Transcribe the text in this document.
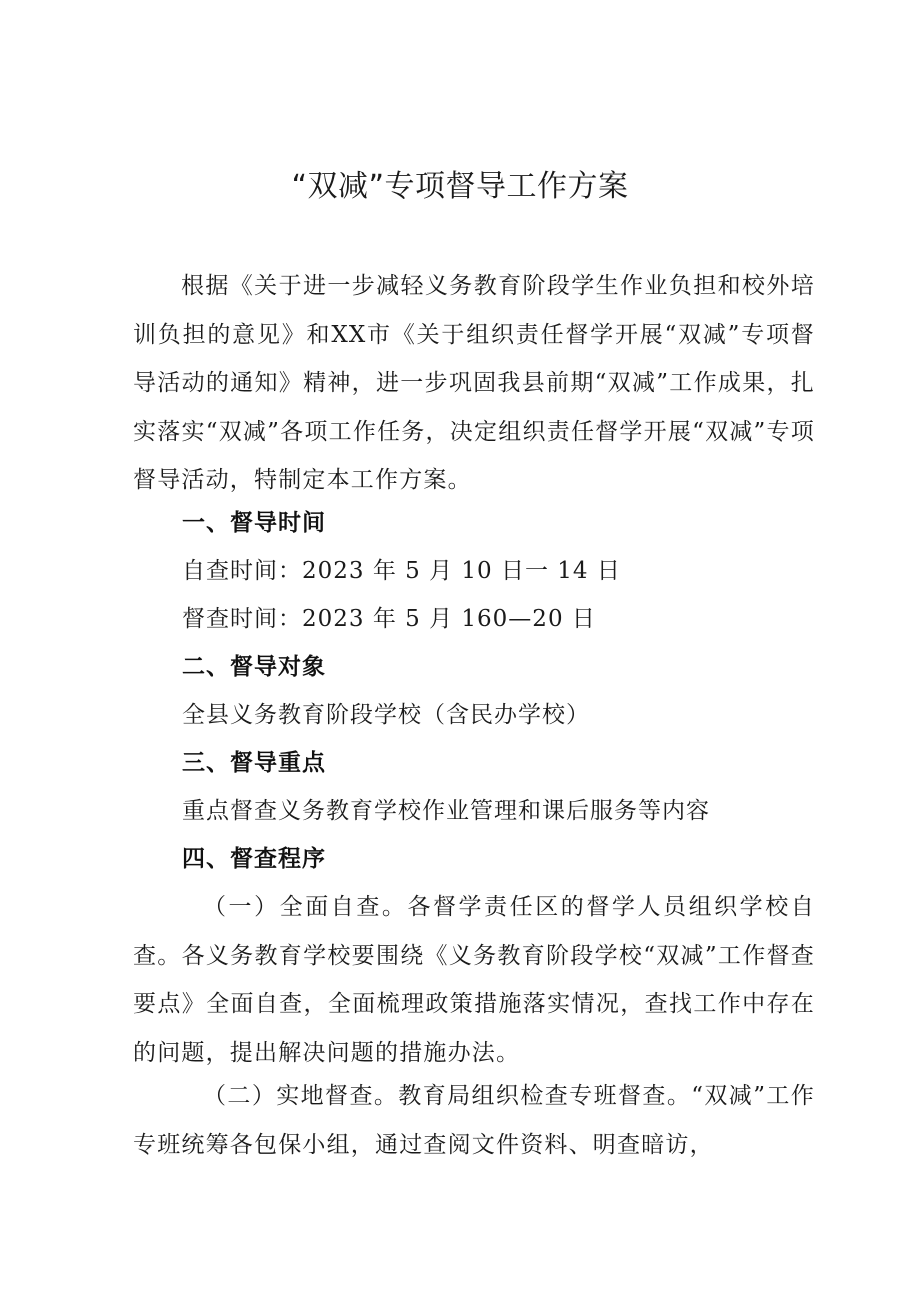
“双减”专项督导工作方案

根据《关于进一步减轻义务教育阶段学生作业负担和校外培训负担的意见》和XX市《关于组织责任督学开展“双减”专项督导活动的通知》精神，进一步巩固我县前期“双减”工作成果，扎实落实“双减”各项工作任务，决定组织责任督学开展“双减”专项督导活动，特制定本工作方案。

一、督导时间
自查时间：2023 年 5 月 10 日一 14 日
督查时间：2023 年 5 月 160—20 日
二、督导对象
全县义务教育阶段学校（含民办学校）
三、督导重点
重点督查义务教育学校作业管理和课后服务等内容
四、督查程序

（一）全面自查。各督学责任区的督学人员组织学校自查。各义务教育学校要围绕《义务教育阶段学校“双减”工作督查要点》全面自查，全面梳理政策措施落实情况，查找工作中存在的问题，提出解决问题的措施办法。

（二）实地督查。教育局组织检查专班督查。“双减”工作专班统筹各包保小组，通过查阅文件资料、明查暗访，
